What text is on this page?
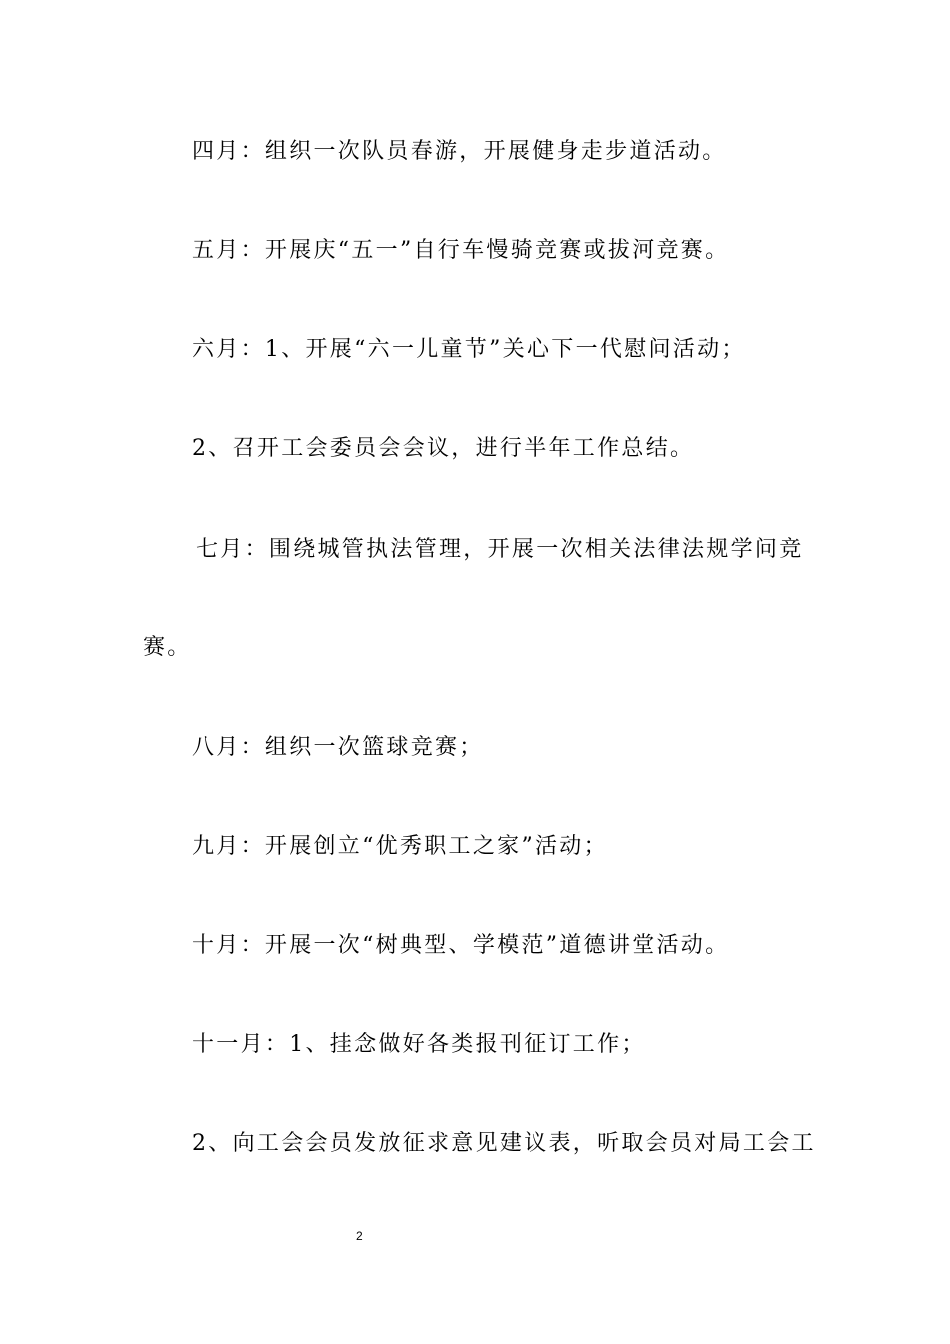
四月：组织一次队员春游，开展健身走步道活动。

五月：开展庆“五一”自行车慢骑竞赛或拔河竞赛。

六月：1、开展“六一儿童节”关心下一代慰问活动；

2、召开工会委员会会议，进行半年工作总结。

七月：围绕城管执法管理，开展一次相关法律法规学问竞

赛。

八月：组织一次篮球竞赛；

九月：开展创立“优秀职工之家”活动；

十月：开展一次“树典型、学模范”道德讲堂活动。

十一月：1、挂念做好各类报刊征订工作；

2、向工会会员发放征求意见建议表，听取会员对局工会工

2
